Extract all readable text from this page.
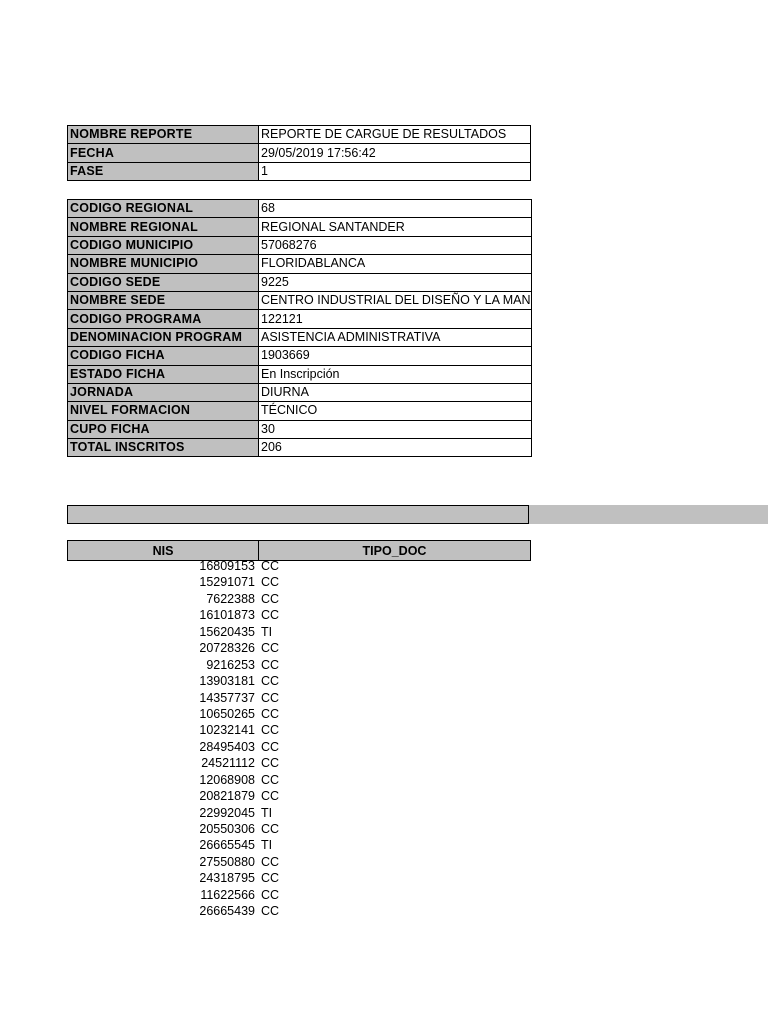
NOMBRE REPORTE	REPORTE DE CARGUE DE RESULTADOS
FECHA	29/05/2019 17:56:42
FASE	1
CODIGO REGIONAL	68
NOMBRE REGIONAL	REGIONAL SANTANDER
CODIGO MUNICIPIO	57068276
NOMBRE MUNICIPIO	FLORIDABLANCA
CODIGO SEDE	9225
NOMBRE SEDE	CENTRO INDUSTRIAL DEL DISEÑO Y LA MAN
CODIGO PROGRAMA	122121
DENOMINACION PROGRAM	ASISTENCIA ADMINISTRATIVA
CODIGO FICHA	1903669
ESTADO FICHA	En Inscripción
JORNADA	DIURNA
NIVEL FORMACION	TÉCNICO
CUPO FICHA	30
TOTAL INSCRITOS	206
NIS	TIPO_DOC
16809153 CC
15291071 CC
7622388 CC
16101873 CC
15620435 TI
20728326 CC
9216253 CC
13903181 CC
14357737 CC
10650265 CC
10232141 CC
28495403 CC
24521112 CC
12068908 CC
20821879 CC
22992045 TI
20550306 CC
26665545 TI
27550880 CC
24318795 CC
11622566 CC
26665439 CC
